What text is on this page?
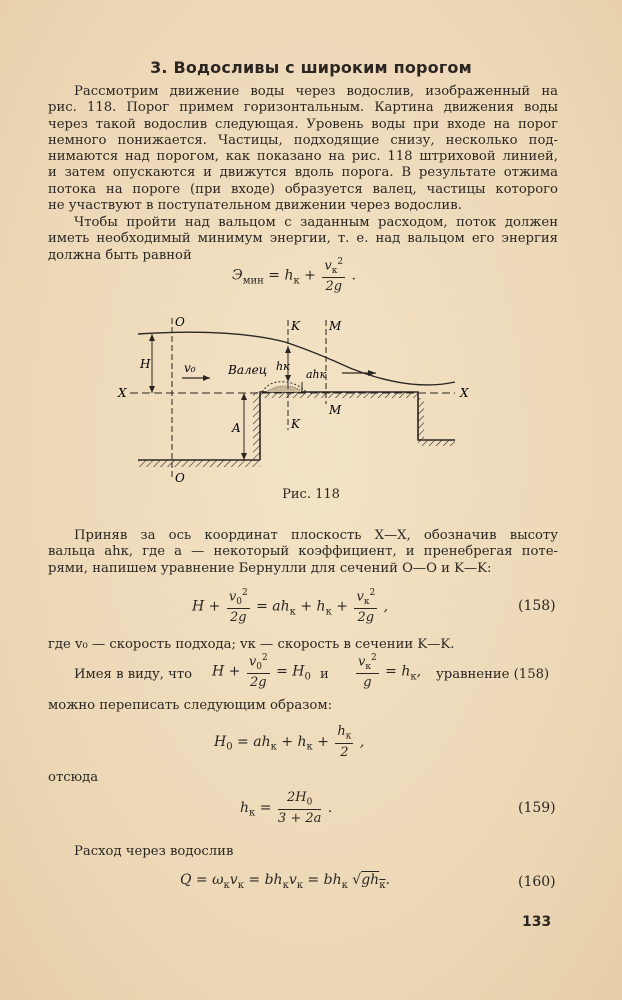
3. Водосливы с широким порогом
Рассмотрим движение воды через водослив, изображенный на
рис. 118. Порог примем горизонтальным. Картина движения воды
через такой водослив следующая. Уровень воды при входе на порог
немного понижается. Частицы, подходящие снизу, несколько под-
нимаются над порогом, как показано на рис. 118 штриховой линией,
и затем опускаются и движутся вдоль порога. В результате отжима
потока на пороге (при входе) образуется валец, частицы которого
не участвуют в поступательном движении через водослив.
Чтобы пройти над вальцом с заданным расходом, поток должен
иметь необходимый минимум энергии, т. е. над вальцом его энергия
должна быть равной
$Э_{мин} = h_к + \frac{v_к^2}{2g}$ .
O
O
K
K
M
M
X	X
H
A
v₀	Валец hк
ahк
Рис. 118
Приняв за ось координат плоскость X—X, обозначив высоту
вальца ahк, где a — некоторый коэффициент, и пренебрегая поте-
рями, напишем уравнение Бернулли для сечений O—O и K—K:
$H + \frac{v_0^2}{2g} = ah_к + h_к + \frac{v_к^2}{2g}$ ,	(158)
где v₀ — скорость подхода; vк — скорость в сечении K—K.
Имея в виду, что $H + \frac{v_0^2}{2g} = H_0$ и $\frac{v_к^2}{g} = h_к$, уравнение (158)
можно переписать следующим образом:
$H_0 = ah_к + h_к + \frac{h_к}{2}$ ,
отсюда
$h_к = \frac{2H_0}{3 + 2a}$ .	(159)
Расход через водослив
$Q = \omega_кv_к = bh_кv_к = bh_к$ $√gh_к$.	(160)
133
